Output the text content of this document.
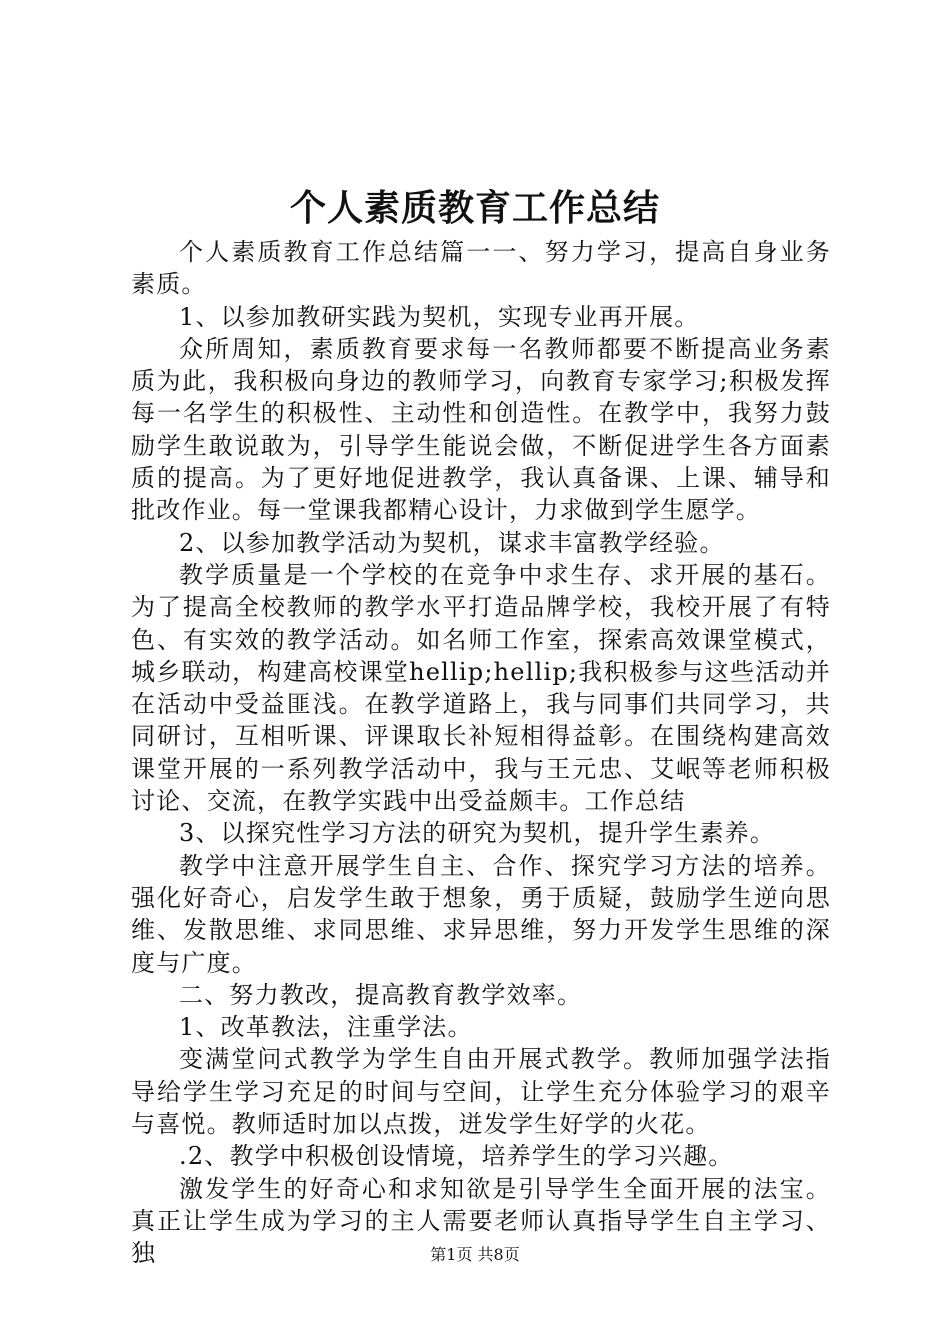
个人素质教育工作总结

个人素质教育工作总结篇一一、努力学习，提高自身业务素质。

1、以参加教研实践为契机，实现专业再开展。

众所周知，素质教育要求每一名教师都要不断提高业务素质为此，我积极向身边的教师学习，向教育专家学习;积极发挥每一名学生的积极性、主动性和创造性。在教学中，我努力鼓励学生敢说敢为，引导学生能说会做，不断促进学生各方面素质的提高。为了更好地促进教学，我认真备课、上课、辅导和批改作业。每一堂课我都精心设计，力求做到学生愿学。

2、以参加教学活动为契机，谋求丰富教学经验。

教学质量是一个学校的在竞争中求生存、求开展的基石。为了提高全校教师的教学水平打造品牌学校，我校开展了有特色、有实效的教学活动。如名师工作室，探索高效课堂模式，城乡联动，构建高校课堂hellip;hellip;我积极参与这些活动并在活动中受益匪浅。在教学道路上，我与同事们共同学习，共同研讨，互相听课、评课取长补短相得益彰。在围绕构建高效课堂开展的一系列教学活动中，我与王元忠、艾岷等老师积极讨论、交流，在教学实践中出受益颇丰。工作总结

3、以探究性学习方法的研究为契机，提升学生素养。

教学中注意开展学生自主、合作、探究学习方法的培养。强化好奇心，启发学生敢于想象，勇于质疑，鼓励学生逆向思维、发散思维、求同思维、求异思维，努力开发学生思维的深度与广度。

二、努力教改，提高教育教学效率。

1、改革教法，注重学法。

变满堂问式教学为学生自由开展式教学。教师加强学法指导给学生学习充足的时间与空间，让学生充分体验学习的艰辛与喜悦。教师适时加以点拨，迸发学生好学的火花。

.2、教学中积极创设情境，培养学生的学习兴趣。

激发学生的好奇心和求知欲是引导学生全面开展的法宝。真正让学生成为学习的主人需要老师认真指导学生自主学习、独	第1页 共8页
